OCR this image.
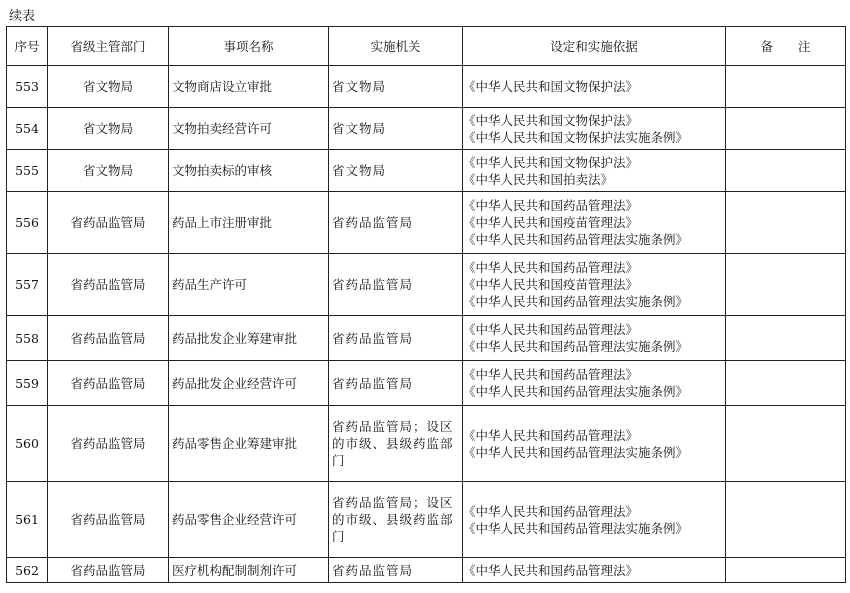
续表
序号	省级主管部门	事项名称	实施机关	设定和实施依据	备　　注
553	省文物局	文物商店设立审批	省文物局	《中华人民共和国文物保护法》	

554	省文物局	文物拍卖经营许可	省文物局	《中华人民共和国文物保护法》
《中华人民共和国文物保护法实施条例》	

555	省文物局	文物拍卖标的审核	省文物局	《中华人民共和国文物保护法》
《中华人民共和国拍卖法》	

556	省药品监管局	药品上市注册审批	省药品监管局	《中华人民共和国药品管理法》
《中华人民共和国疫苗管理法》
《中华人民共和国药品管理法实施条例》	

557	省药品监管局	药品生产许可	省药品监管局	《中华人民共和国药品管理法》
《中华人民共和国疫苗管理法》
《中华人民共和国药品管理法实施条例》	

558	省药品监管局	药品批发企业筹建审批	省药品监管局	《中华人民共和国药品管理法》
《中华人民共和国药品管理法实施条例》	

559	省药品监管局	药品批发企业经营许可	省药品监管局	《中华人民共和国药品管理法》
《中华人民共和国药品管理法实施条例》	

560	省药品监管局	药品零售企业筹建审批	省药品监管局；设区的市级、县级药监部门	《中华人民共和国药品管理法》
《中华人民共和国药品管理法实施条例》	

561	省药品监管局	药品零售企业经营许可	省药品监管局；设区的市级、县级药监部门	《中华人民共和国药品管理法》
《中华人民共和国药品管理法实施条例》	

562	省药品监管局	医疗机构配制制剂许可	省药品监管局	《中华人民共和国药品管理法》	
